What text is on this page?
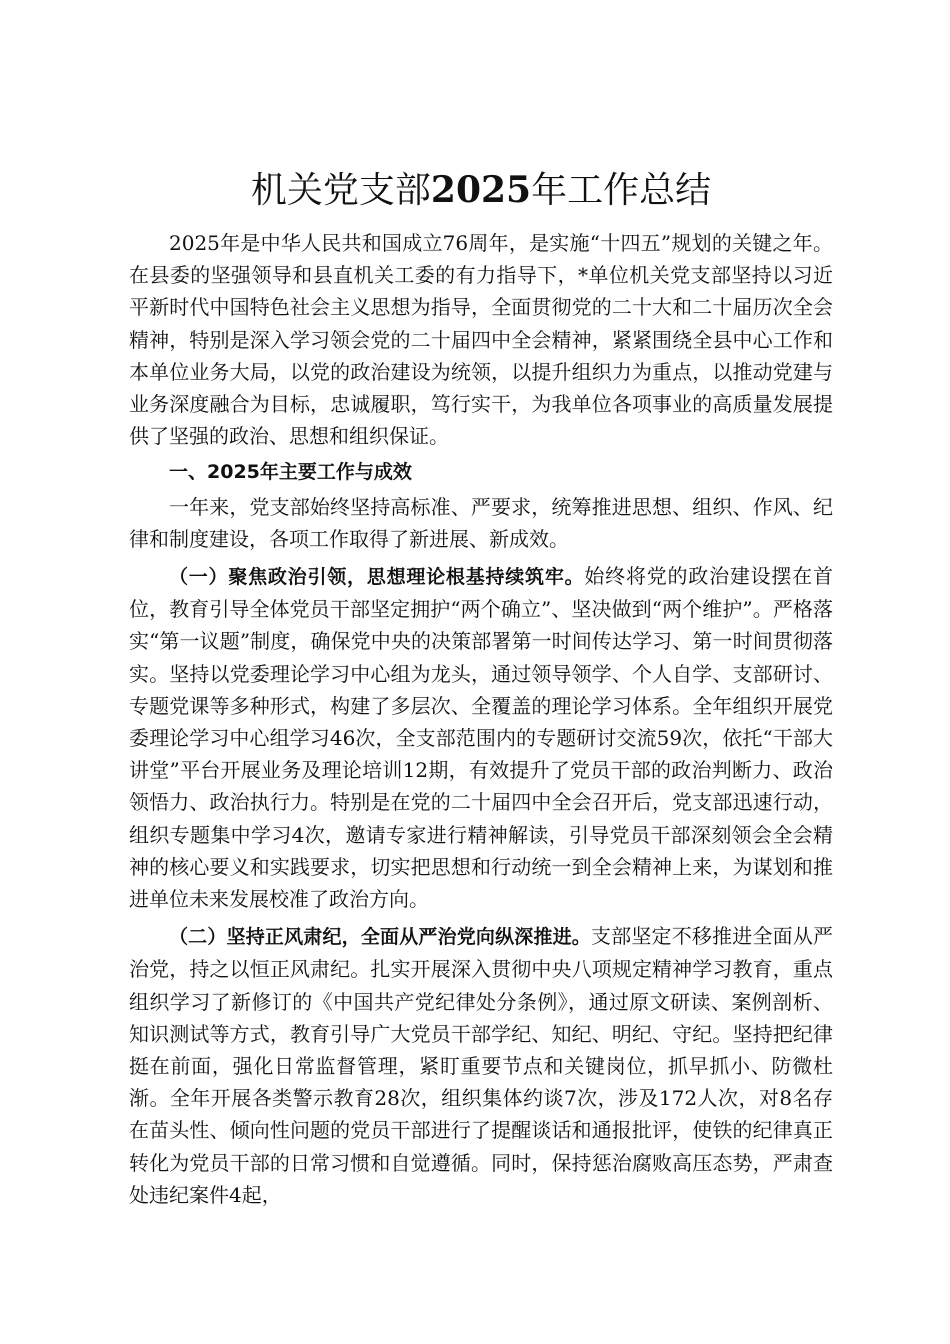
机关党支部2025年工作总结

2025年是中华人民共和国成立76周年，是实施“十四五”规划的关键之年。在县委的坚强领导和县直机关工委的有力指导下，*单位机关党支部坚持以习近平新时代中国特色社会主义思想为指导，全面贯彻党的二十大和二十届历次全会精神，特别是深入学习领会党的二十届四中全会精神，紧紧围绕全县中心工作和本单位业务大局，以党的政治建设为统领，以提升组织力为重点，以推动党建与业务深度融合为目标，忠诚履职，笃行实干，为我单位各项事业的高质量发展提供了坚强的政治、思想和组织保证。

一、2025年主要工作与成效

一年来，党支部始终坚持高标准、严要求，统筹推进思想、组织、作风、纪律和制度建设，各项工作取得了新进展、新成效。

（一）聚焦政治引领，思想理论根基持续筑牢。始终将党的政治建设摆在首位，教育引导全体党员干部坚定拥护“两个确立”、坚决做到“两个维护”。严格落实“第一议题”制度，确保党中央的决策部署第一时间传达学习、第一时间贯彻落实。坚持以党委理论学习中心组为龙头，通过领导领学、个人自学、支部研讨、专题党课等多种形式，构建了多层次、全覆盖的理论学习体系。全年组织开展党委理论学习中心组学习46次，全支部范围内的专题研讨交流59次，依托“干部大讲堂”平台开展业务及理论培训12期，有效提升了党员干部的政治判断力、政治领悟力、政治执行力。特别是在党的二十届四中全会召开后，党支部迅速行动，组织专题集中学习4次，邀请专家进行精神解读，引导党员干部深刻领会全会精神的核心要义和实践要求，切实把思想和行动统一到全会精神上来，为谋划和推进单位未来发展校准了政治方向。

（二）坚持正风肃纪，全面从严治党向纵深推进。支部坚定不移推进全面从严治党，持之以恒正风肃纪。扎实开展深入贯彻中央八项规定精神学习教育，重点组织学习了新修订的《中国共产党纪律处分条例》，通过原文研读、案例剖析、知识测试等方式，教育引导广大党员干部学纪、知纪、明纪、守纪。坚持把纪律挺在前面，强化日常监督管理，紧盯重要节点和关键岗位，抓早抓小、防微杜渐。全年开展各类警示教育28次，组织集体约谈7次，涉及172人次，对8名存在苗头性、倾向性问题的党员干部进行了提醒谈话和通报批评，使铁的纪律真正转化为党员干部的日常习惯和自觉遵循。同时，保持惩治腐败高压态势，严肃查处违纪案件4起，
